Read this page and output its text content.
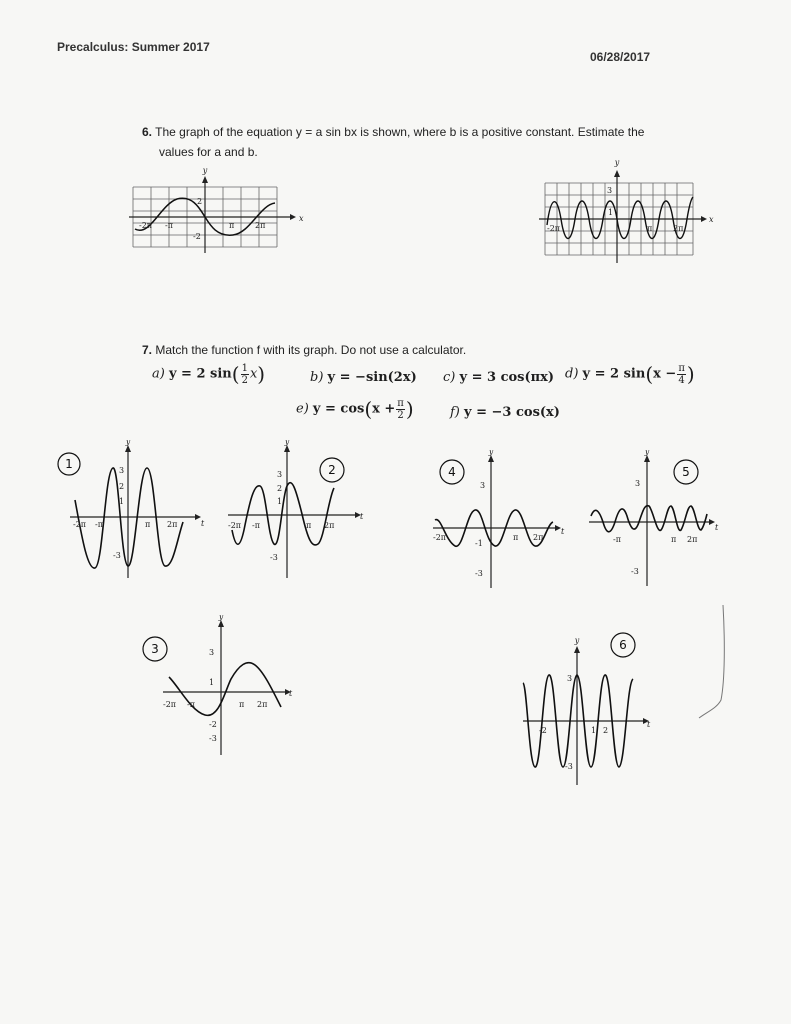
Precalculus: Summer 2017
06/28/2017
6. The graph of the equation y = a sin bx is shown, where b is a positive constant. Estimate the
values for a and b.
y
x
2
-2
-2π -π	π	2π
y
x
3
1
-2π	π	2π
7. Match the function f with its graph. Do not use a calculator.
a) y = 2 $\sin( \frac{1}{2} x)$	b) y = −sin(2x) c) y = 3 cos(πx) d) y = 2 $\sin(x - \frac{\pi}{4}$ )
e) $y = \cos(x + \frac{\pi}{2}$ )	f) y = −3 cos(x)
1
y
t
3
2
1
-2π -π	π 2π
-3
2
y
t
3
2
1
-2π -π	π 2π
-3
4
y
t
3
-2π
-1
π 2π
-3
5
y
t
3
-π	π 2π
-3
3
y
t
3
1
-2π -π	π 2π
-2
-3
6
y
t
3
-2	1 2
-3
